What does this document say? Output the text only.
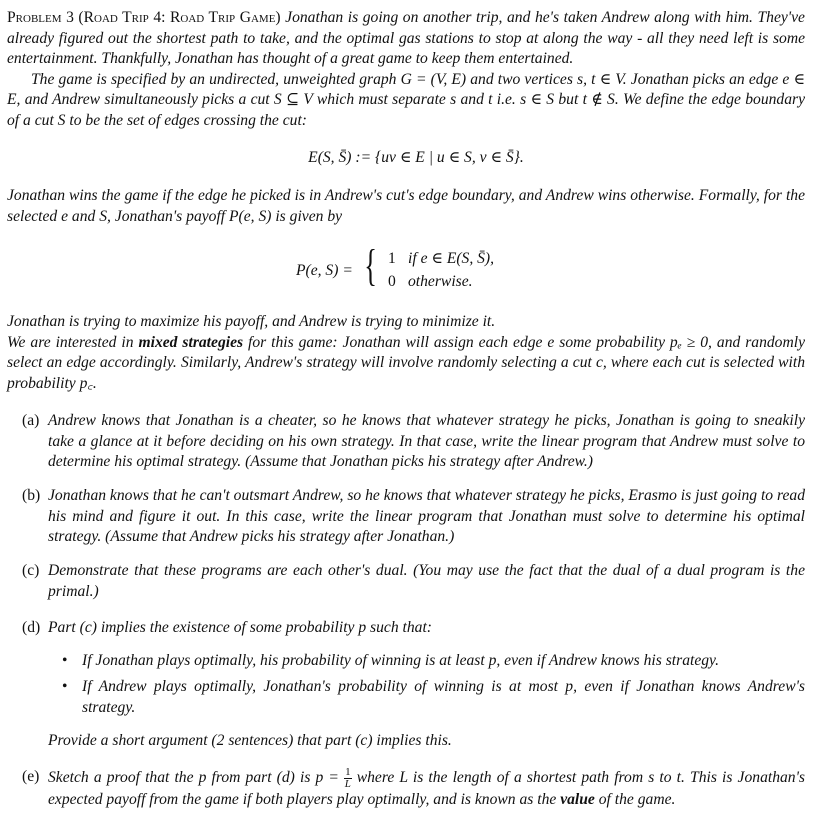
Problem 3 (Road Trip 4: Road Trip Game) Jonathan is going on another trip, and he's taken Andrew along with him. They've already figured out the shortest path to take, and the optimal gas stations to stop at along the way - all they need left is some entertainment. Thankfully, Jonathan has thought of a great game to keep them entertained.
The game is specified by an undirected, unweighted graph G = (V, E) and two vertices s, t ∈ V. Jonathan picks an edge e ∈ E, and Andrew simultaneously picks a cut S ⊆ V which must separate s and t i.e. s ∈ S but t ∉ S. We define the edge boundary of a cut S to be the set of edges crossing the cut:
E(S, S̄) := {uv ∈ E | u ∈ S, v ∈ S̄}.
Jonathan wins the game if the edge he picked is in Andrew's cut's edge boundary, and Andrew wins otherwise. Formally, for the selected e and S, Jonathan's payoff P(e, S) is given by
P(e, S) = { 1 if e ∈ E(S, S̄),
0 otherwise.
Jonathan is trying to maximize his payoff, and Andrew is trying to minimize it.
We are interested in mixed strategies for this game: Jonathan will assign each edge e some probability pₑ ≥ 0, and randomly select an edge accordingly. Similarly, Andrew's strategy will involve randomly selecting a cut c, where each cut is selected with probability p꜀.
(a) Andrew knows that Jonathan is a cheater, so he knows that whatever strategy he picks, Jonathan is going to sneakily take a glance at it before deciding on his own strategy. In that case, write the linear program that Andrew must solve to determine his optimal strategy. (Assume that Jonathan picks his strategy after Andrew.)
(b) Jonathan knows that he can't outsmart Andrew, so he knows that whatever strategy he picks, Erasmo is just going to read his mind and figure it out. In this case, write the linear program that Jonathan must solve to determine his optimal strategy. (Assume that Andrew picks his strategy after Jonathan.)
(c) Demonstrate that these programs are each other's dual. (You may use the fact that the dual of a dual program is the primal.)
(d) Part (c) implies the existence of some probability p such that:
• If Jonathan plays optimally, his probability of winning is at least p, even if Andrew knows his strategy.
• If Andrew plays optimally, Jonathan's probability of winning is at most p, even if Jonathan knows Andrew's strategy.
Provide a short argument (2 sentences) that part (c) implies this.
(e) Sketch a proof that the p from part (d) is $p = \frac{1}{L}$ where L is the length of a shortest path from s to t. This is Jonathan's expected payoff from the game if both players play optimally, and is known as the value of the game.
